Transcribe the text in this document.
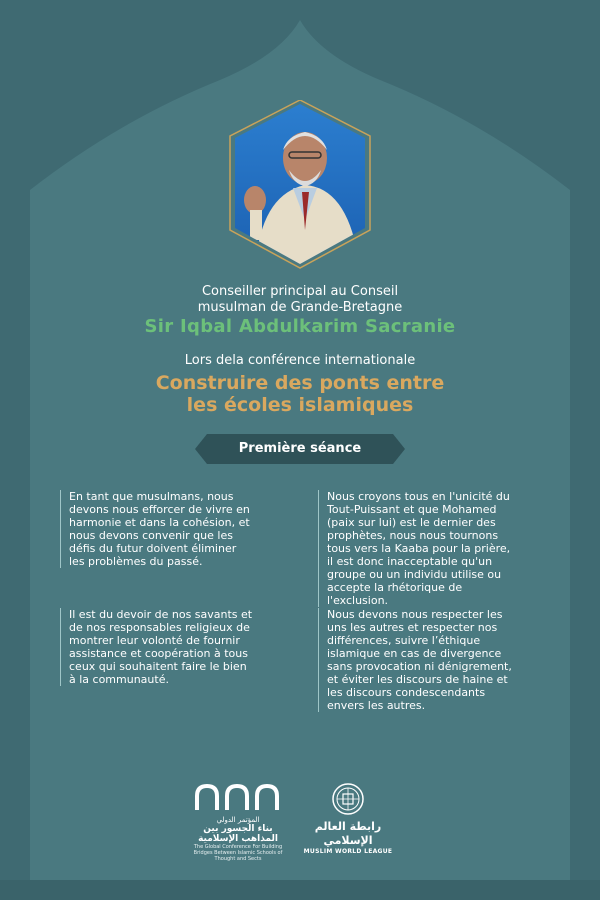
Conseiller principal au Conseil
musulman de Grande-Bretagne
Sir Iqbal Abdulkarim Sacranie
Lors dela conférence internationale
Construire des ponts entre
les écoles islamiques
Première séance
En tant que musulmans, nous
devons nous efforcer de vivre en
harmonie et dans la cohésion, et
nous devons convenir que les
défis du futur doivent éliminer
les problèmes du passé.
Nous croyons tous en l'unicité du
Tout-Puissant et que Mohamed
(paix sur lui) est le dernier des
prophètes, nous nous tournons
tous vers la Kaaba pour la prière,
il est donc inacceptable qu'un
groupe ou un individu utilise ou
accepte la rhétorique de
l'exclusion.
Il est du devoir de nos savants et
de nos responsables religieux de
montrer leur volonté de fournir
assistance et coopération à tous
ceux qui souhaitent faire le bien
à la communauté.
Nous devons nous respecter les
uns les autres et respecter nos
différences, suivre l’éthique
islamique en cas de divergence
sans provocation ni dénigrement,
et éviter les discours de haine et
les discours condescendants
envers les autres.
المؤتمر الدولي
بناء الجسور بين
المذاهب الإسلامية
The Global Conference For Building Bridges Between Islamic Schools of Thought and Sects
رابطة العالم الإسلامي
MUSLIM WORLD LEAGUE
